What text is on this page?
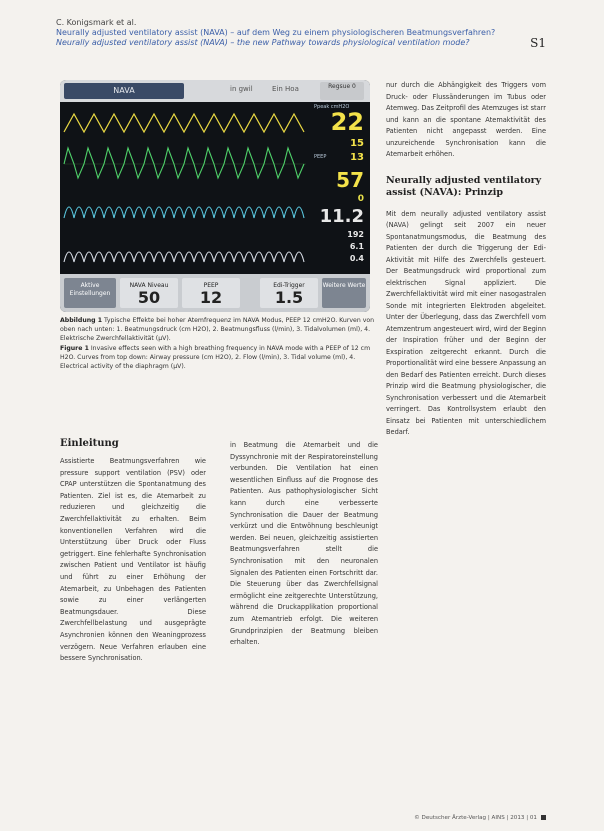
C. Konigsmark et al.
Neurally adjusted ventilatory assist (NAVA) – auf dem Weg zu einem physiologischeren Beatmungsverfahren?
Neurally adjusted ventilatory assist (NAVA) – the new Pathway towards physiological ventilation mode?	S1
NAVA	in gwil	Ein Hoa	Regsue 0
22
Ppeak cmH2O
15
13
PEEP
57
0
11.2
192
6.1
0.4
Aktive Einstellungen
NAVA Niveau
50
PEEP
12
Edi-Trigger
1.5
Weitere Werte

Abbildung 1 Typische Effekte bei hoher Atemfrequenz im NAVA Modus, PEEP 12 cmH2O. Kurven von oben nach unten: 1. Beatmungsdruck (cm H2O), 2. Beatmungsfluss (l/min), 3. Tidalvolumen (ml), 4. Elektrische Zwerchfellaktivität (µV).

Figure 1 Invasive effects seen with a high breathing frequency in NAVA mode with a PEEP of 12 cm H2O. Curves from top down: Airway pressure (cm H2O), 2. Flow (l/min), 3. Tidal volume (ml), 4. Electrical activity of the diaphragm (µV).

nur durch die Abhängigkeit des Triggers vom Druck- oder Flussänderungen im Tubus oder Atemweg. Das Zeitprofil des Atemzuges ist starr und kann an die spontane Atemaktivität des Patienten nicht angepasst werden. Eine unzureichende Synchronisation kann die Atemarbeit erhöhen.

Neurally adjusted ventilatory assist (NAVA): Prinzip

Mit dem neurally adjusted ventilatory assist (NAVA) gelingt seit 2007 ein neuer Spontanatmungsmodus, die Beatmung des Patienten der durch die Triggerung der Edi-Aktivität mit Hilfe des Zwerchfells gesteuert. Der Beatmungsdruck wird proportional zum elektrischen Signal appliziert. Die Zwerchfellaktivität wird mit einer nasogastralen Sonde mit integrierten Elektroden abgeleitet. Unter der Überlegung, dass das Zwerchfell vom Atemzentrum angesteuert wird, wird der Beginn der Inspiration früher und der Beginn der Exspiration zeitgerecht erkannt. Durch die Proportionalität wird eine bessere Anpassung an den Bedarf des Patienten erreicht. Durch dieses Prinzip wird die Beatmung physiologischer, die Synchronisation verbessert und die Atemarbeit verringert. Das Kontrollsystem erlaubt den Einsatz bei Patienten mit unterschiedlichem Bedarf.

Einleitung

Assistierte Beatmungsverfahren wie pressure support ventilation (PSV) oder CPAP unterstützen die Spontanatmung des Patienten. Ziel ist es, die Atemarbeit zu reduzieren und gleichzeitig die Zwerchfellaktivität zu erhalten. Beim konventionellen Verfahren wird die Unterstützung über Druck oder Fluss getriggert. Eine fehlerhafte Synchronisation zwischen Patient und Ventilator ist häufig und führt zu einer Erhöhung der Atemarbeit, zu Unbehagen des Patienten sowie zu einer verlängerten Beatmungsdauer. Diese Zwerchfellbelastung und ausgeprägte Asynchronien können den Weaningprozess verzögern. Neue Verfahren erlauben eine bessere Synchronisation.

in Beatmung die Atemarbeit und die Dyssynchronie mit der Respiratoreinstellung verbunden. Die Ventilation hat einen wesentlichen Einfluss auf die Prognose des Patienten. Aus pathophysiologischer Sicht kann durch eine verbesserte Synchronisation die Dauer der Beatmung verkürzt und die Entwöhnung beschleunigt werden. Bei neuen, gleichzeitig assistierten Beatmungsverfahren stellt die Synchronisation mit den neuronalen Signalen des Patienten einen Fortschritt dar. Die Steuerung über das Zwerchfellsignal ermöglicht eine zeitgerechte Unterstützung, während die Druckapplikation proportional zum Atemantrieb erfolgt. Die weiteren Grundprinzipien der Beatmung bleiben erhalten.

© Deutscher Ärzte-Verlag | AINS | 2013 | 01
